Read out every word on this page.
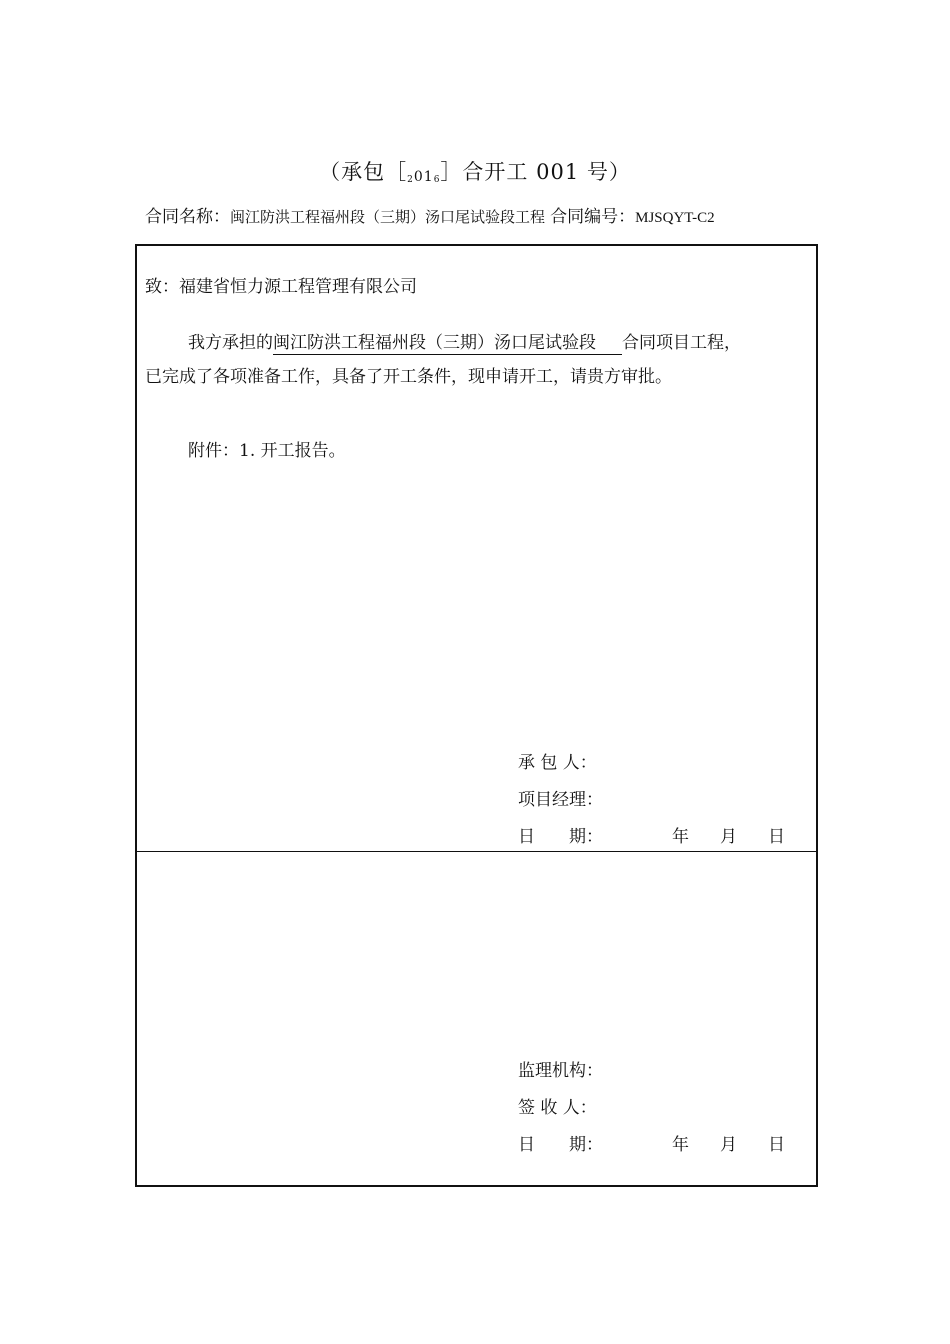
（承包［2016］合开工 001 号）
合同名称：闽江防洪工程福州段（三期）汤口尾试验段工程 合同编号：MJSQYT-C2
致：福建省恒力源工程管理有限公司
我方承担的闽江防洪工程福州段（三期）汤口尾试验段 合同项目工程，
已完成了各项准备工作，具备了开工条件，现申请开工，请贵方审批。
附件：1. 开工报告。
承 包 人：
项目经理：
日　　期：	年 月 日
监理机构：
签 收 人：
日　　期：	年 月 日
